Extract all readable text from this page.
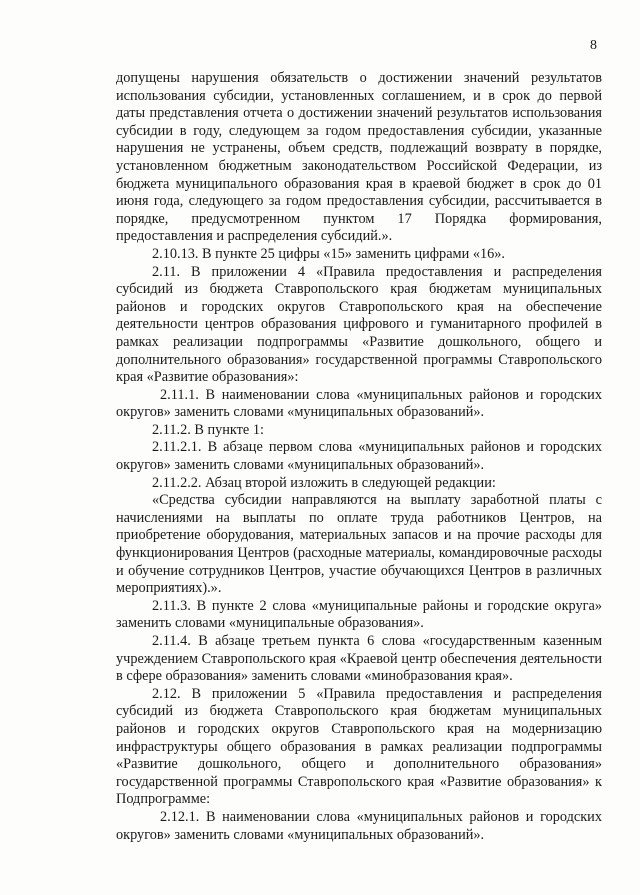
8

допущены нарушения обязательств о достижении значений результатов использования субсидии, установленных соглашением, и в срок до первой даты представления отчета о достижении значений результатов использования субсидии в году, следующем за годом предоставления субсидии, указанные нарушения не устранены, объем средств, подлежащий возврату в порядке, установленном бюджетным законодательством Российской Федерации, из бюджета муниципального образования края в краевой бюджет в срок до 01 июня года, следующего за годом предоставления субсидии, рассчитывается в порядке, предусмотренном пунктом 17 Порядка формирования, предоставления и распределения субсидий.».

2.10.13. В пункте 25 цифры «15» заменить цифрами «16».

2.11. В приложении 4 «Правила предоставления и распределения субсидий из бюджета Ставропольского края бюджетам муниципальных районов и городских округов Ставропольского края на обеспечение деятельности центров образования цифрового и гуманитарного профилей в рамках реализации подпрограммы «Развитие дошкольного, общего и дополнительного образования» государственной программы Ставропольского края «Развитие образования»:

2.11.1. В наименовании слова «муниципальных районов и городских округов» заменить словами «муниципальных образований».

2.11.2. В пункте 1:

2.11.2.1. В абзаце первом слова «муниципальных районов и городских округов» заменить словами «муниципальных образований».

2.11.2.2. Абзац второй изложить в следующей редакции:

«Средства субсидии направляются на выплату заработной платы с начислениями на выплаты по оплате труда работников Центров, на приобретение оборудования, материальных запасов и на прочие расходы для функционирования Центров (расходные материалы, командировочные расходы и обучение сотрудников Центров, участие обучающихся Центров в различных мероприятиях).».

2.11.3. В пункте 2 слова «муниципальные районы и городские округа» заменить словами «муниципальные образования».

2.11.4. В абзаце третьем пункта 6 слова «государственным казенным учреждением Ставропольского края «Краевой центр обеспечения деятельности в сфере образования» заменить словами «минобразования края».

2.12. В приложении 5 «Правила предоставления и распределения субсидий из бюджета Ставропольского края бюджетам муниципальных районов и городских округов Ставропольского края на модернизацию инфраструктуры общего образования в рамках реализации подпрограммы «Развитие дошкольного, общего и дополнительного образования» государственной программы Ставропольского края «Развитие образования» к Подпрограмме:

2.12.1. В наименовании слова «муниципальных районов и городских округов» заменить словами «муниципальных образований».
